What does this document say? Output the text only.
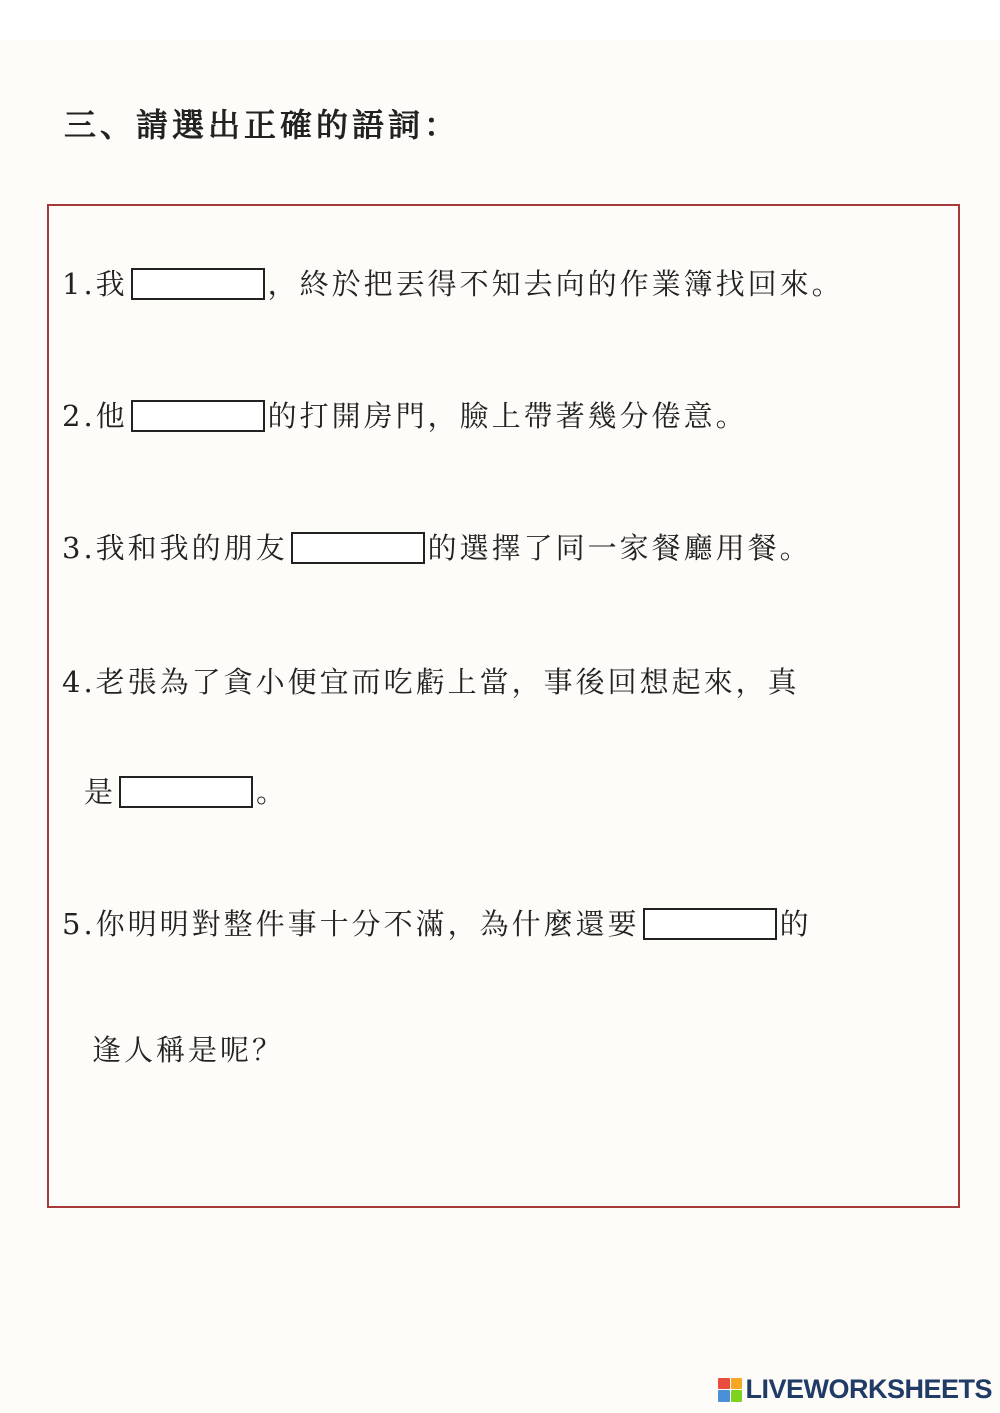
三、請選出正確的語詞：
1.我	，終於把丟得不知去向的作業簿找回來。
2.他	的打開房門，臉上帶著幾分倦意。
3.我和我的朋友	的選擇了同一家餐廳用餐。
4.老張為了貪小便宜而吃虧上當，事後回想起來，真
是	。
5.你明明對整件事十分不滿，為什麼還要	的
逢人稱是呢？
LIVEWORKSHEETS
